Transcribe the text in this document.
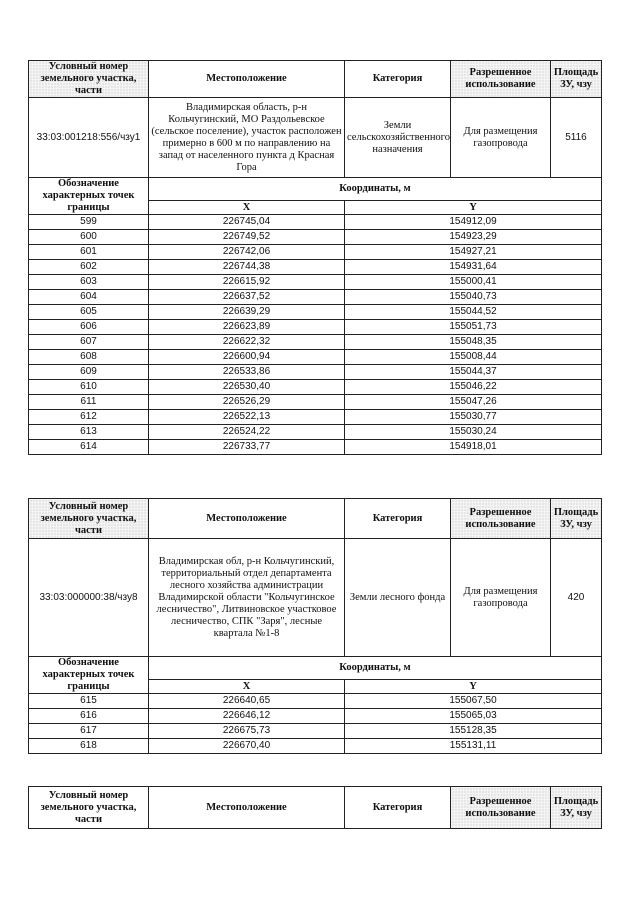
Условный номер земельного участка, части	Местоположение	Категория	Разрешенное использование	Площадь ЗУ, чзу
33:03:001218:556/чзу1	Владимирская область, р-н Кольчугинский, МО Раздольевское (сельское поселение), участок расположен примерно в 600 м по направлению на запад от населенного пункта д Красная Гора	Земли сельскохозяйственного назначения	Для размещения газопровода	5116
Обозначение характерных точек границы	Координаты, м			
	X	Y		
599	226745,04	154912,09		
600	226749,52	154923,29		
601	226742,06	154927,21		
602	226744,38	154931,64		
603	226615,92	155000,41		
604	226637,52	155040,73		
605	226639,29	155044,52		
606	226623,89	155051,73		
607	226622,32	155048,35		
608	226600,94	155008,44		
609	226533,86	155044,37		
610	226530,40	155046,22		
611	226526,29	155047,26		
612	226522,13	155030,77		
613	226524,22	155030,24		
614	226733,77	154918,01		
Условный номер земельного участка, части	Местоположение	Категория	Разрешенное использование	Площадь ЗУ, чзу
33:03:000000:38/чзу8	Владимирская обл, р-н Кольчугинский, территориальный отдел департамента лесного хозяйства администрации Владимирской области "Кольчугинское лесничество", Литвиновское участковое лесничество, СПК "Заря", лесные квартала №1-8	Земли лесного фонда	Для размещения газопровода	420
Обозначение характерных точек границы	Координаты, м			
	X	Y		
615	226640,65	155067,50		
616	226646,12	155065,03		
617	226675,73	155128,35		
618	226670,40	155131,11		
Условный номер земельного участка, части	Местоположение	Категория	Разрешенное использование	Площадь ЗУ, чзу
